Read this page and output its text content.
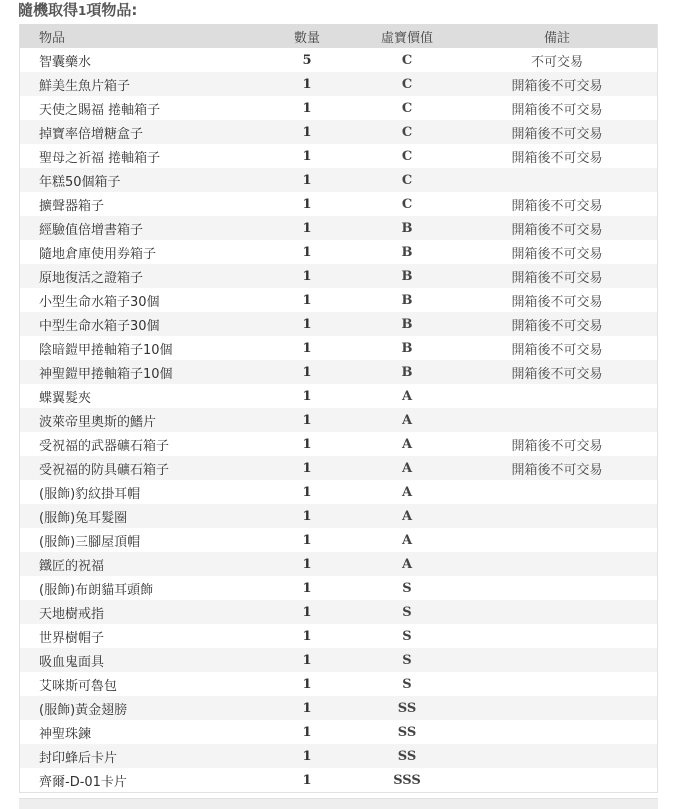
隨機取得1項物品:
物品	數量	虛寶價值	備註
智囊藥水	5	C	不可交易
鮮美生魚片箱子	1	C	開箱後不可交易
天使之賜福 捲軸箱子	1	C	開箱後不可交易
掉寶率倍增糖盒子	1	C	開箱後不可交易
聖母之祈福 捲軸箱子	1	C	開箱後不可交易
年糕50個箱子	1	C	
擴聲器箱子	1	C	開箱後不可交易
經驗值倍增書箱子	1	B	開箱後不可交易
隨地倉庫使用券箱子	1	B	開箱後不可交易
原地復活之證箱子	1	B	開箱後不可交易
小型生命水箱子30個	1	B	開箱後不可交易
中型生命水箱子30個	1	B	開箱後不可交易
陰暗鎧甲捲軸箱子10個	1	B	開箱後不可交易
神聖鎧甲捲軸箱子10個	1	B	開箱後不可交易
蝶翼髮夾	1	A	
波萊帝里奧斯的鰭片	1	A	
受祝福的武器礦石箱子	1	A	開箱後不可交易
受祝福的防具礦石箱子	1	A	開箱後不可交易
(服飾)豹紋掛耳帽	1	A	
(服飾)兔耳髮圈	1	A	
(服飾)三腳屋頂帽	1	A	
鐵匠的祝福	1	A	
(服飾)布朗貓耳頭飾	1	S	
天地樹戒指	1	S	
世界樹帽子	1	S	
吸血鬼面具	1	S	
艾咪斯可魯包	1	S	
(服飾)黃金翅膀	1	SS	
神聖珠鍊	1	SS	
封印蜂后卡片	1	SS	
齊爾-D-01卡片	1	SSS	
